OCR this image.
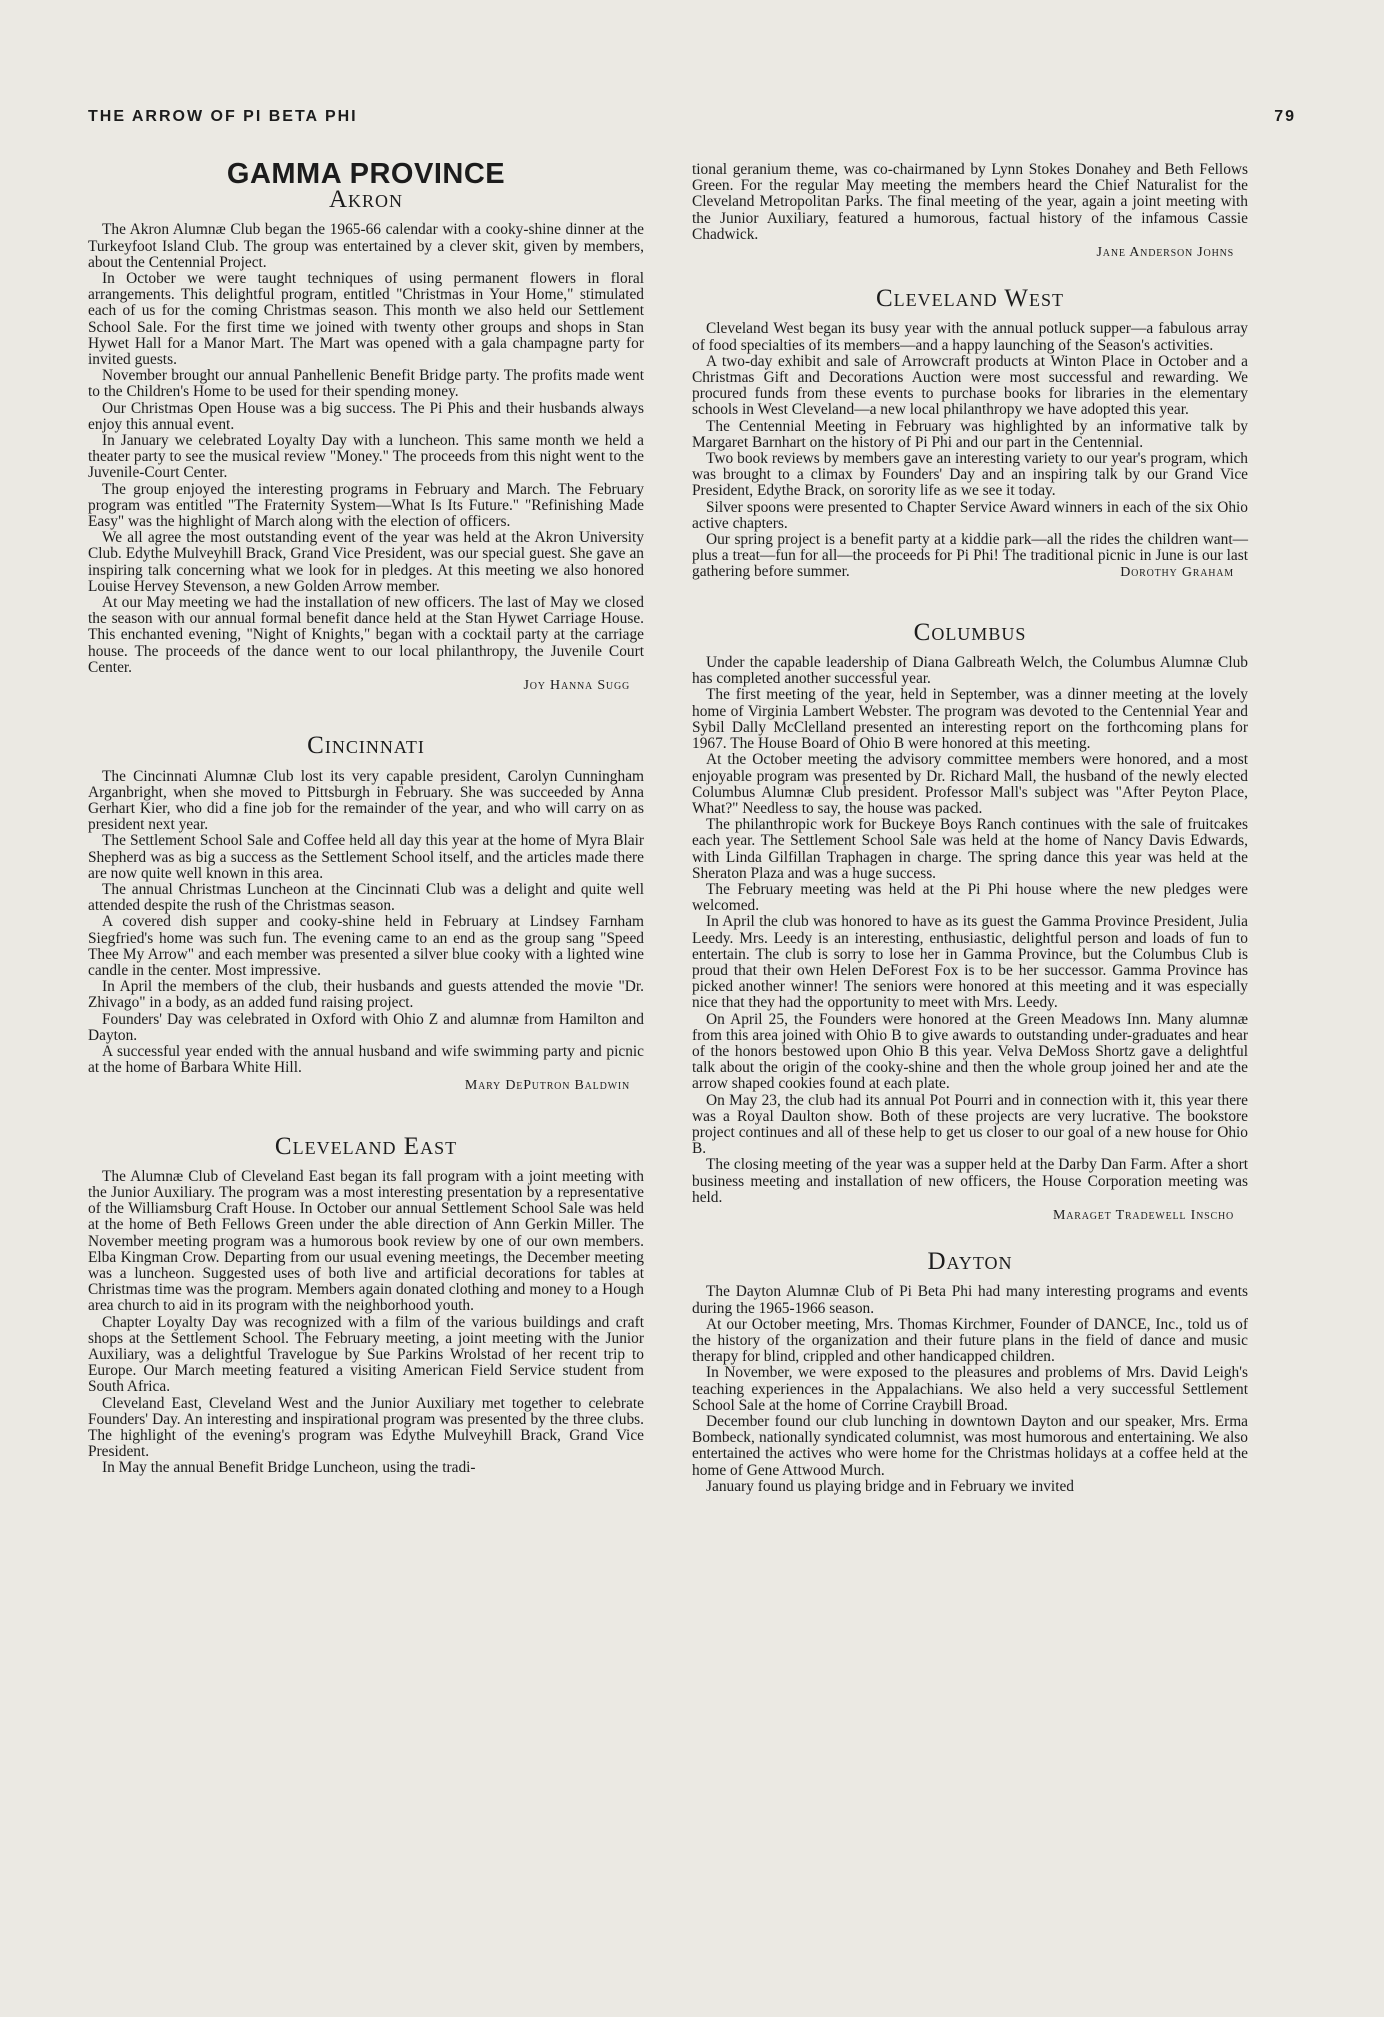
THE ARROW OF PI BETA PHI	79
GAMMA PROVINCE
Akron

The Akron Alumnæ Club began the 1965-66 calendar with a cooky-shine dinner at the Turkeyfoot Island Club. The group was entertained by a clever skit, given by members, about the Centennial Project.

In October we were taught techniques of using permanent flowers in floral arrangements. This delightful program, entitled "Christmas in Your Home," stimulated each of us for the coming Christmas season. This month we also held our Settlement School Sale. For the first time we joined with twenty other groups and shops in Stan Hywet Hall for a Manor Mart. The Mart was opened with a gala champagne party for invited guests.

November brought our annual Panhellenic Benefit Bridge party. The profits made went to the Children's Home to be used for their spending money.

Our Christmas Open House was a big success. The Pi Phis and their husbands always enjoy this annual event.

In January we celebrated Loyalty Day with a luncheon. This same month we held a theater party to see the musical review "Money." The proceeds from this night went to the Juvenile-Court Center.

The group enjoyed the interesting programs in February and March. The February program was entitled "The Fraternity System—What Is Its Future." "Refinishing Made Easy" was the highlight of March along with the election of officers.

We all agree the most outstanding event of the year was held at the Akron University Club. Edythe Mulveyhill Brack, Grand Vice President, was our special guest. She gave an inspiring talk concerning what we look for in pledges. At this meeting we also honored Louise Hervey Stevenson, a new Golden Arrow member.

At our May meeting we had the installation of new officers. The last of May we closed the season with our annual formal benefit dance held at the Stan Hywet Carriage House. This enchanted evening, "Night of Knights," began with a cocktail party at the carriage house. The proceeds of the dance went to our local philanthropy, the Juvenile Court Center.

Joy Hanna Sugg

Cincinnati

The Cincinnati Alumnæ Club lost its very capable president, Carolyn Cunningham Arganbright, when she moved to Pittsburgh in February. She was succeeded by Anna Gerhart Kier, who did a fine job for the remainder of the year, and who will carry on as president next year.

The Settlement School Sale and Coffee held all day this year at the home of Myra Blair Shepherd was as big a success as the Settlement School itself, and the articles made there are now quite well known in this area.

The annual Christmas Luncheon at the Cincinnati Club was a delight and quite well attended despite the rush of the Christmas season.

A covered dish supper and cooky-shine held in February at Lindsey Farnham Siegfried's home was such fun. The evening came to an end as the group sang "Speed Thee My Arrow" and each member was presented a silver blue cooky with a lighted wine candle in the center. Most impressive.

In April the members of the club, their husbands and guests attended the movie "Dr. Zhivago" in a body, as an added fund raising project.

Founders' Day was celebrated in Oxford with Ohio Z and alumnæ from Hamilton and Dayton.

A successful year ended with the annual husband and wife swimming party and picnic at the home of Barbara White Hill.

Mary DePutron Baldwin

Cleveland East

The Alumnæ Club of Cleveland East began its fall program with a joint meeting with the Junior Auxiliary. The program was a most interesting presentation by a representative of the Williamsburg Craft House. In October our annual Settlement School Sale was held at the home of Beth Fellows Green under the able direction of Ann Gerkin Miller. The November meeting program was a humorous book review by one of our own members. Elba Kingman Crow. Departing from our usual evening meetings, the December meeting was a luncheon. Suggested uses of both live and artificial decorations for tables at Christmas time was the program. Members again donated clothing and money to a Hough area church to aid in its program with the neighborhood youth.

Chapter Loyalty Day was recognized with a film of the various buildings and craft shops at the Settlement School. The February meeting, a joint meeting with the Junior Auxiliary, was a delightful Travelogue by Sue Parkins Wrolstad of her recent trip to Europe. Our March meeting featured a visiting American Field Service student from South Africa.

Cleveland East, Cleveland West and the Junior Auxiliary met together to celebrate Founders' Day. An interesting and inspirational program was presented by the three clubs. The highlight of the evening's program was Edythe Mulveyhill Brack, Grand Vice President.

In May the annual Benefit Bridge Luncheon, using the tradi-

tional geranium theme, was co-chairmaned by Lynn Stokes Donahey and Beth Fellows Green. For the regular May meeting the members heard the Chief Naturalist for the Cleveland Metropolitan Parks. The final meeting of the year, again a joint meeting with the Junior Auxiliary, featured a humorous, factual history of the infamous Cassie Chadwick.

Jane Anderson Johns

Cleveland West

Cleveland West began its busy year with the annual potluck supper—a fabulous array of food specialties of its members—and a happy launching of the Season's activities.

A two-day exhibit and sale of Arrowcraft products at Winton Place in October and a Christmas Gift and Decorations Auction were most successful and rewarding. We procured funds from these events to purchase books for libraries in the elementary schools in West Cleveland—a new local philanthropy we have adopted this year.

The Centennial Meeting in February was highlighted by an informative talk by Margaret Barnhart on the history of Pi Phi and our part in the Centennial.

Two book reviews by members gave an interesting variety to our year's program, which was brought to a climax by Founders' Day and an inspiring talk by our Grand Vice President, Edythe Brack, on sorority life as we see it today.

Silver spoons were presented to Chapter Service Award winners in each of the six Ohio active chapters.

Our spring project is a benefit party at a kiddie park—all the rides the children want—plus a treat—fun for all—the proceeds for Pi Phi! The traditional picnic in June is our last gathering before summer.	Dorothy Graham

Columbus

Under the capable leadership of Diana Galbreath Welch, the Columbus Alumnæ Club has completed another successful year.

The first meeting of the year, held in September, was a dinner meeting at the lovely home of Virginia Lambert Webster. The program was devoted to the Centennial Year and Sybil Dally McClelland presented an interesting report on the forthcoming plans for 1967. The House Board of Ohio B were honored at this meeting.

At the October meeting the advisory committee members were honored, and a most enjoyable program was presented by Dr. Richard Mall, the husband of the newly elected Columbus Alumnæ Club president. Professor Mall's subject was "After Peyton Place, What?" Needless to say, the house was packed.

The philanthropic work for Buckeye Boys Ranch continues with the sale of fruitcakes each year. The Settlement School Sale was held at the home of Nancy Davis Edwards, with Linda Gilfillan Traphagen in charge. The spring dance this year was held at the Sheraton Plaza and was a huge success.

The February meeting was held at the Pi Phi house where the new pledges were welcomed.

In April the club was honored to have as its guest the Gamma Province President, Julia Leedy. Mrs. Leedy is an interesting, enthusiastic, delightful person and loads of fun to entertain. The club is sorry to lose her in Gamma Province, but the Columbus Club is proud that their own Helen DeForest Fox is to be her successor. Gamma Province has picked another winner! The seniors were honored at this meeting and it was especially nice that they had the opportunity to meet with Mrs. Leedy.

On April 25, the Founders were honored at the Green Meadows Inn. Many alumnæ from this area joined with Ohio B to give awards to outstanding under-graduates and hear of the honors bestowed upon Ohio B this year. Velva DeMoss Shortz gave a delightful talk about the origin of the cooky-shine and then the whole group joined her and ate the arrow shaped cookies found at each plate.

On May 23, the club had its annual Pot Pourri and in connection with it, this year there was a Royal Daulton show. Both of these projects are very lucrative. The bookstore project continues and all of these help to get us closer to our goal of a new house for Ohio B.

The closing meeting of the year was a supper held at the Darby Dan Farm. After a short business meeting and installation of new officers, the House Corporation meeting was held.

Maraget Tradewell Inscho

Dayton

The Dayton Alumnæ Club of Pi Beta Phi had many interesting programs and events during the 1965-1966 season.

At our October meeting, Mrs. Thomas Kirchmer, Founder of DANCE, Inc., told us of the history of the organization and their future plans in the field of dance and music therapy for blind, crippled and other handicapped children.

In November, we were exposed to the pleasures and problems of Mrs. David Leigh's teaching experiences in the Appalachians. We also held a very successful Settlement School Sale at the home of Corrine Craybill Broad.

December found our club lunching in downtown Dayton and our speaker, Mrs. Erma Bombeck, nationally syndicated columnist, was most humorous and entertaining. We also entertained the actives who were home for the Christmas holidays at a coffee held at the home of Gene Attwood Murch.

January found us playing bridge and in February we invited
